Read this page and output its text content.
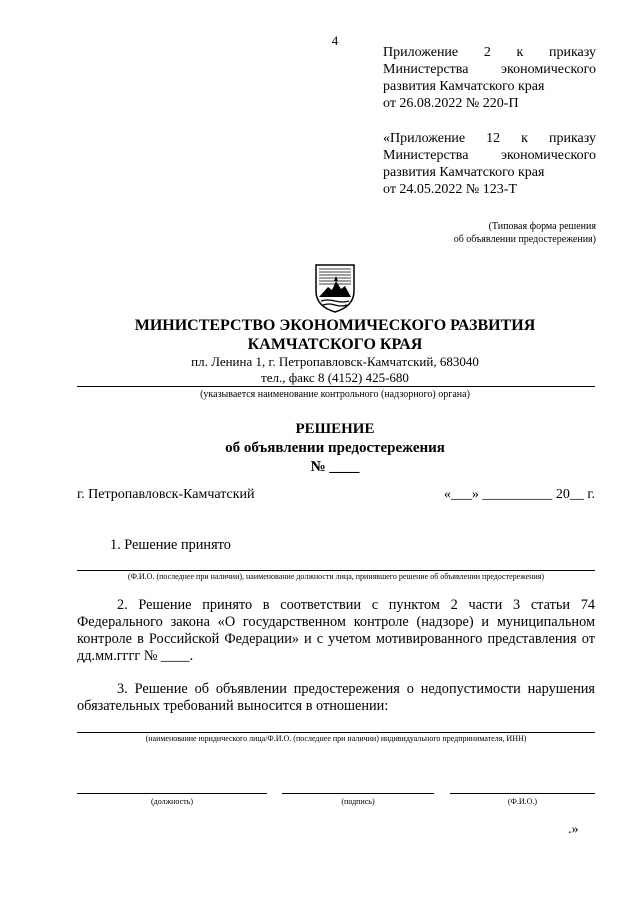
4
Приложение 2 к приказу
Министерства экономического
развития Камчатского края
от 26.08.2022 № 220-П
«Приложение 12 к приказу
Министерства экономического
развития Камчатского края
от 24.05.2022 № 123-Т
(Типовая форма решения
об объявлении предостережения)
МИНИСТЕРСТВО ЭКОНОМИЧЕСКОГО РАЗВИТИЯ
КАМЧАТСКОГО КРАЯ
пл. Ленина 1, г. Петропавловск-Камчатский, 683040
тел., факс 8 (4152) 425-680
(указывается наименование контрольного (надзорного) органа)
РЕШЕНИЕ
об объявлении предостережения
№ ____
г. Петропавловск-Камчатский	«___» __________ 20__ г.
1. Решение принято
(Ф.И.О. (последнее при наличии), наименование должности лица, принявшего решение об объявлении предостережения)
2. Решение принято в соответствии с пунктом 2 части 3 статьи 74 Федерального закона «О государственном контроле (надзоре) и муниципальном контроле в Российской Федерации» и с учетом мотивированного представления от дд.мм.гггг № ____.
3. Решение об объявлении предостережения о недопустимости нарушения обязательных требований выносится в отношении:
(наименование юридического лица/Ф.И.О. (последнее при наличии) индивидуального предпринимателя, ИНН)
(должность)	(подпись)	(Ф.И.О.)
.»
